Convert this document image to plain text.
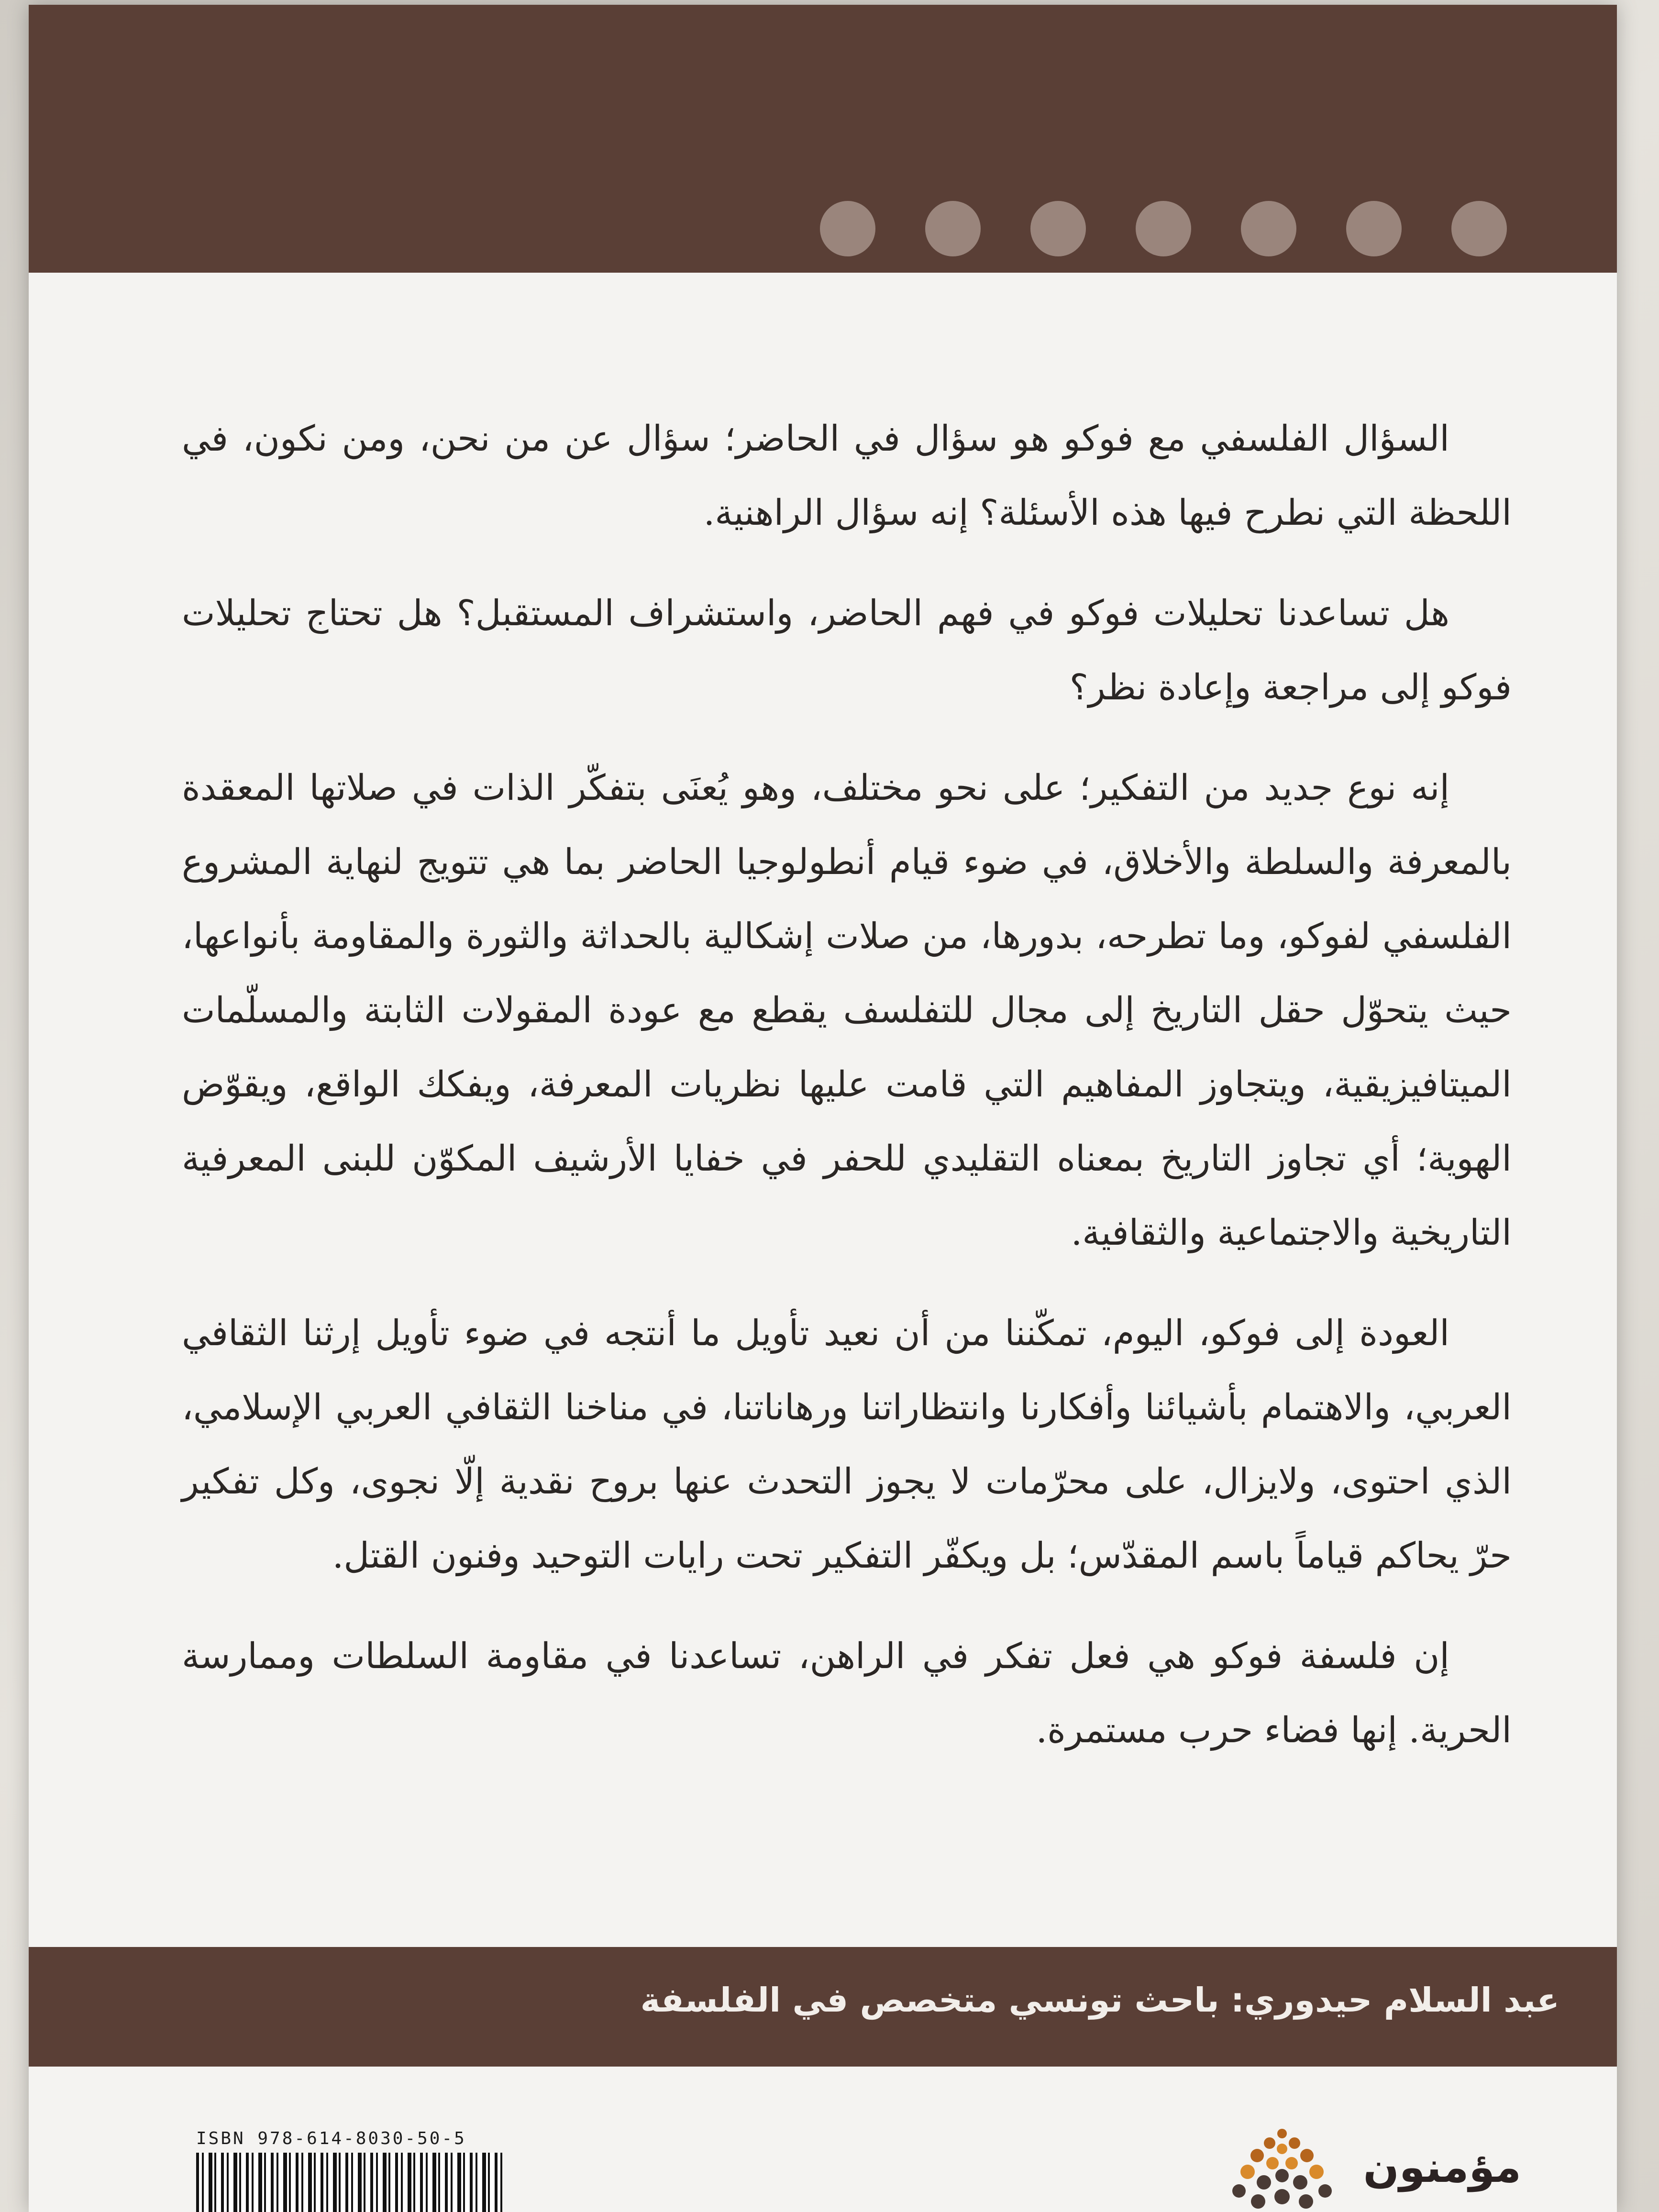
السؤال الفلسفي مع فوكو هو سؤال في الحاضر؛ سؤال عن من نحن، ومن نكون، في اللحظة التي نطرح فيها هذه الأسئلة؟ إنه سؤال الراهنية.

هل تساعدنا تحليلات فوكو في فهم الحاضر، واستشراف المستقبل؟ هل تحتاج تحليلات فوكو إلى مراجعة وإعادة نظر؟

إنه نوع جديد من التفكير؛ على نحو مختلف، وهو يُعنَى بتفكّر الذات في صلاتها المعقدة بالمعرفة والسلطة والأخلاق، في ضوء قيام أنطولوجيا الحاضر بما هي تتويج لنهاية المشروع الفلسفي لفوكو، وما تطرحه، بدورها، من صلات إشكالية بالحداثة والثورة والمقاومة بأنواعها، حيث يتحوّل حقل التاريخ إلى مجال للتفلسف يقطع مع عودة المقولات الثابتة والمسلّمات الميتافيزيقية، ويتجاوز المفاهيم التي قامت عليها نظريات المعرفة، ويفكك الواقع، ويقوّض الهوية؛ أي تجاوز التاريخ بمعناه التقليدي للحفر في خفايا الأرشيف المكوّن للبنى المعرفية التاريخية والاجتماعية والثقافية.

العودة إلى فوكو، اليوم، تمكّننا من أن نعيد تأويل ما أنتجه في ضوء تأويل إرثنا الثقافي العربي، والاهتمام بأشيائنا وأفكارنا وانتظاراتنا ورهاناتنا، في مناخنا الثقافي العربي الإسلامي، الذي احتوى، ولايزال، على محرّمات لا يجوز التحدث عنها بروح نقدية إلّا نجوى، وكل تفكير حرّ يحاكم قياماً باسم المقدّس؛ بل ويكفّر التفكير تحت رايات التوحيد وفنون القتل.

إن فلسفة فوكو هي فعل تفكر في الراهن، تساعدنا في مقاومة السلطات وممارسة الحرية. إنها فضاء حرب مستمرة.

عبد السلام حيدوري: باحث تونسي متخصص في الفلسفة
ISBN 978-614-8030-50-5
مؤمنون
